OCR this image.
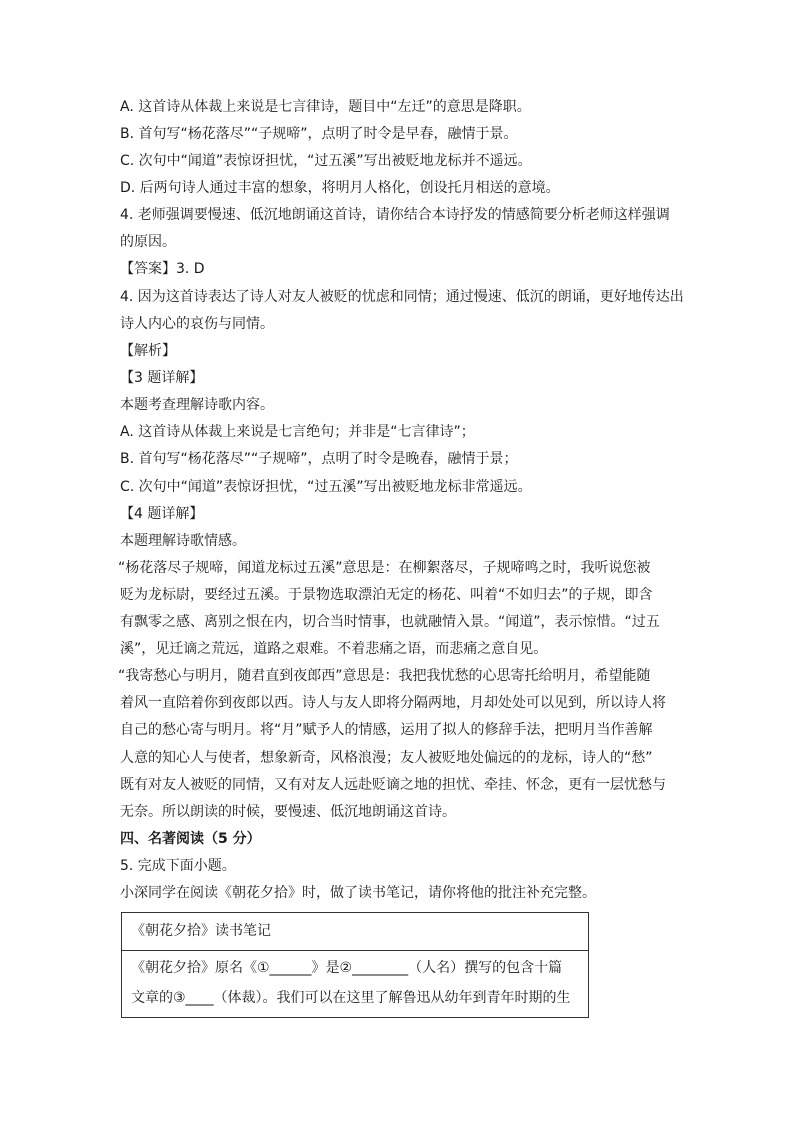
A. 这首诗从体裁上来说是七言律诗，题目中“左迁”的意思是降职。
B. 首句写“杨花落尽”“子规啼”，点明了时令是早春，融情于景。
C. 次句中“闻道”表惊讶担忧，“过五溪”写出被贬地龙标并不遥远。
D. 后两句诗人通过丰富的想象，将明月人格化，创设托月相送的意境。
4. 老师强调要慢速、低沉地朗诵这首诗，请你结合本诗抒发的情感简要分析老师这样强调
的原因。
【答案】3. D
4. 因为这首诗表达了诗人对友人被贬的忧虑和同情；通过慢速、低沉的朗诵，更好地传达出
诗人内心的哀伤与同情。
【解析】
【3 题详解】
本题考查理解诗歌内容。
A. 这首诗从体裁上来说是七言绝句；并非是“七言律诗”；
B. 首句写“杨花落尽”“子规啼”，点明了时令是晚春，融情于景；
C. 次句中“闻道”表惊讶担忧，“过五溪”写出被贬地龙标非常遥远。
【4 题详解】
本题理解诗歌情感。
“杨花落尽子规啼，闻道龙标过五溪”意思是：在柳絮落尽，子规啼鸣之时，我听说您被
贬为龙标尉，要经过五溪。于景物选取漂泊无定的杨花、叫着“不如归去”的子规，即含
有飘零之感、离别之恨在内，切合当时情事，也就融情入景。“闻道”，表示惊惜。“过五
溪”，见迁谪之荒远，道路之艰难。不着悲痛之语，而悲痛之意自见。
“我寄愁心与明月，随君直到夜郎西”意思是：我把我忧愁的心思寄托给明月，希望能随
着风一直陪着你到夜郎以西。诗人与友人即将分隔两地，月却处处可以见到，所以诗人将
自己的愁心寄与明月。将“月”赋予人的情感，运用了拟人的修辞手法，把明月当作善解
人意的知心人与使者，想象新奇，风格浪漫；友人被贬地处偏远的的龙标，诗人的“愁”
既有对友人被贬的同情，又有对友人远赴贬谪之地的担忧、牵挂、怀念，更有一层忧愁与
无奈。所以朗读的时候，要慢速、低沉地朗诵这首诗。
四、名著阅读（5 分）
5. 完成下面小题。
小深同学在阅读《朝花夕拾》时，做了读书笔记，请你将他的批注补充完整。
《朝花夕拾》读书笔记
《朝花夕拾》原名《①______》是②________（人名）撰写的包含十篇
文章的③____（体裁）。我们可以在这里了解鲁迅从幼年到青年时期的生
